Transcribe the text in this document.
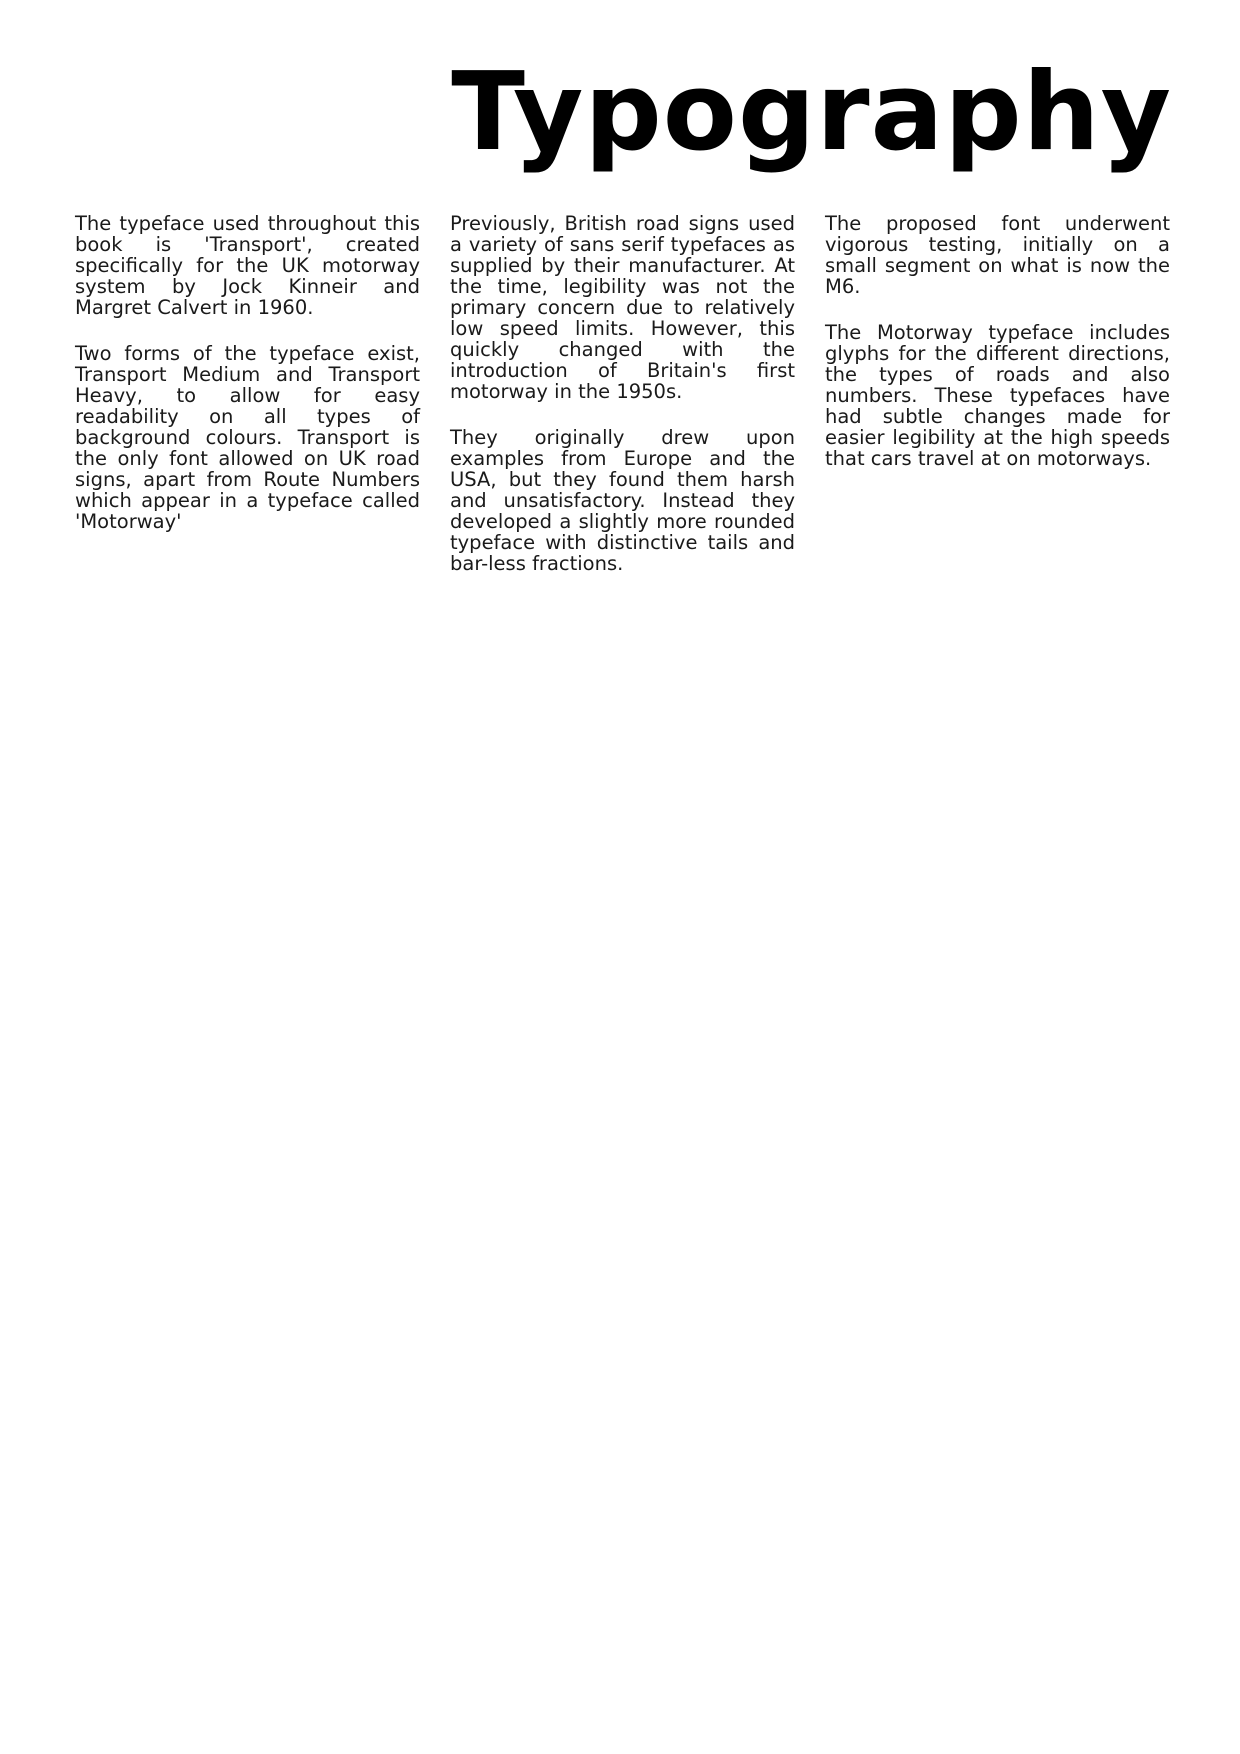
Typography

The typeface used throughout this book is 'Transport', created specifically for the UK motorway system by Jock Kinneir and Margret Calvert in 1960.

Two forms of the typeface exist, Transport Medium and Transport Heavy, to allow for easy readability on all types of background colours. Transport is the only font allowed on UK road signs, apart from Route Numbers which appear in a typeface called 'Motorway'

Previously, British road signs used a variety of sans serif typefaces as supplied by their manufacturer. At the time, legibility was not the primary concern due to relatively low speed limits. However, this quickly changed with the introduction of Britain's first motorway in the 1950s.

They originally drew upon examples from Europe and the USA, but they found them harsh and unsatisfactory. Instead they developed a slightly more rounded typeface with distinctive tails and bar-less fractions.

The proposed font underwent vigorous testing, initially on a small segment on what is now the M6.

The Motorway typeface includes glyphs for the different directions, the types of roads and also numbers. These typefaces have had subtle changes made for easier legibility at the high speeds that cars travel at on motorways.
